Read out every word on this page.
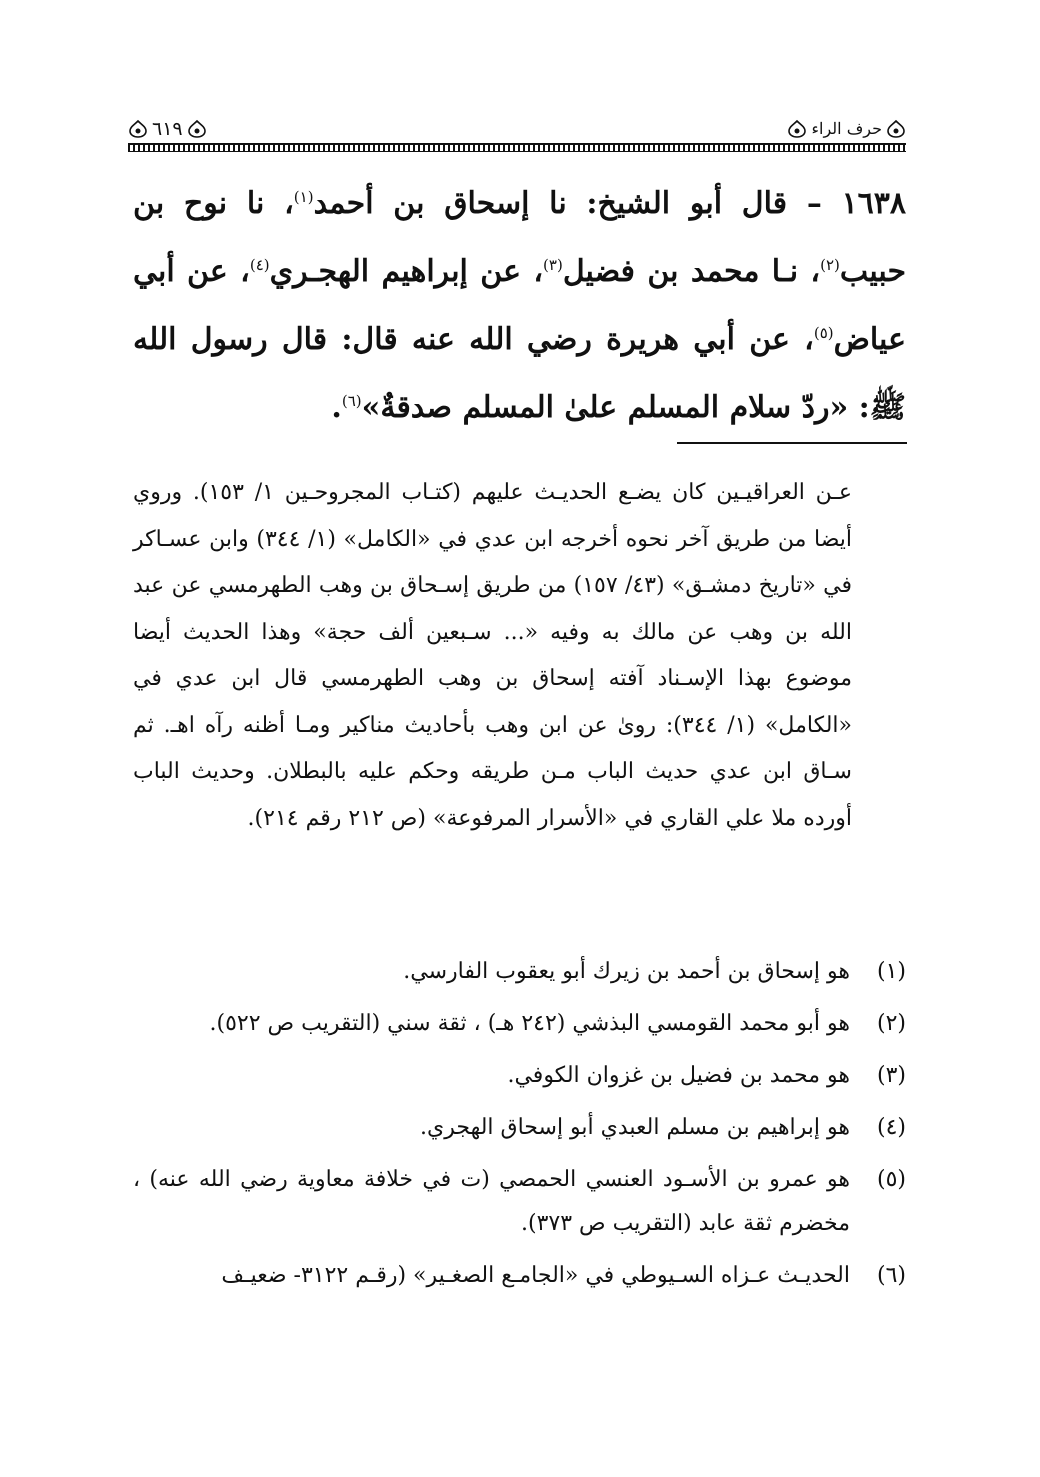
٦١٩	حرف الراء
١٦٣٨ – قال أبو الشيخ: نا إسحاق بن أحمد$^{(١)}$، نا نوح بن حبيب$^{(٢)}$، نـا محمد بن فضيل$^{(٣)}$، عن إبراهيم الهجـري$^{(٤)}$، عن أبي عياض$^{(٥)}$، عن أبي هريرة رضي الله عنه قال: قال رسول الله ﷺ: «ردّ سلام المسلم علىٰ المسلم صدقةٌ»$^{(٦)}$.
عـن العراقيـين كان يضـع الحديـث عليهم (كتـاب المجروحـين ١/ ١٥٣). وروي أيضا من طريق آخر نحوه أخرجه ابن عدي في «الكامل» (١/ ٣٤٤) وابن عسـاكر في «تاريخ دمشـق» (٤٣/ ١٥٧) من طريق إسـحاق بن وهب الطهرمسي عن عبد الله بن وهب عن مالك به وفيه «... سـبعين ألف حجة» وهذا الحديث أيضا موضوع بهذا الإسـناد آفته إسحاق بن وهب الطهرمسي قال ابن عدي في «الكامل» (١/ ٣٤٤): روىٰ عن ابن وهب بأحاديث مناكير ومـا أظنه رآه اهـ. ثم سـاق ابن عدي حديث الباب مـن طريقه وحكم عليه بالبطلان. وحديث الباب أورده ملا علي القاري في «الأسرار المرفوعة» (ص ٢١٢ رقم ٢١٤).
(١)
هو إسحاق بن أحمد بن زيرك أبو يعقوب الفارسي.
(٢)
هو أبو محمد القومسي البذشي (٢٤٢ هـ) ، ثقة سني (التقريب ص ٥٢٢).
(٣)
هو محمد بن فضيل بن غزوان الكوفي.
(٤)
هو إبراهيم بن مسلم العبدي أبو إسحاق الهجري.
(٥)
هو عمرو بن الأسـود العنسي الحمصي (ت في خلافة معاوية رضي الله عنه) ، مخضرم ثقة عابد (التقريب ص ٣٧٣).
(٦)
الحديـث عـزاه السـيوطي في «الجامـع الصغـير» (رقـم ٣١٢٢- ضعيـف
